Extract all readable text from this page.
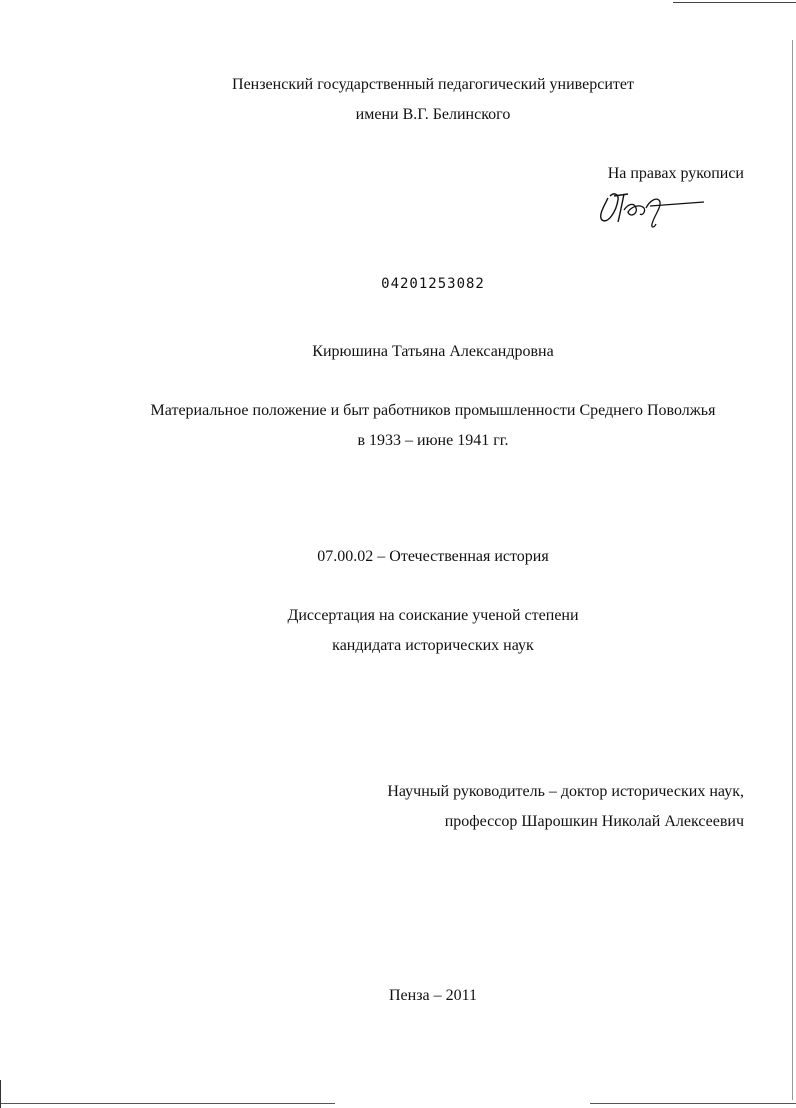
Пензенский государственный педагогический университет
имени В.Г. Белинского
На правах рукописи
04201253082
Кирюшина Татьяна Александровна
Материальное положение и быт работников промышленности Среднего Поволжья
в 1933 – июне 1941 гг.
07.00.02 – Отечественная история
Диссертация на соискание ученой степени
кандидата исторических наук
Научный руководитель – доктор исторических наук,
профессор Шарошкин Николай Алексеевич
Пенза – 2011
